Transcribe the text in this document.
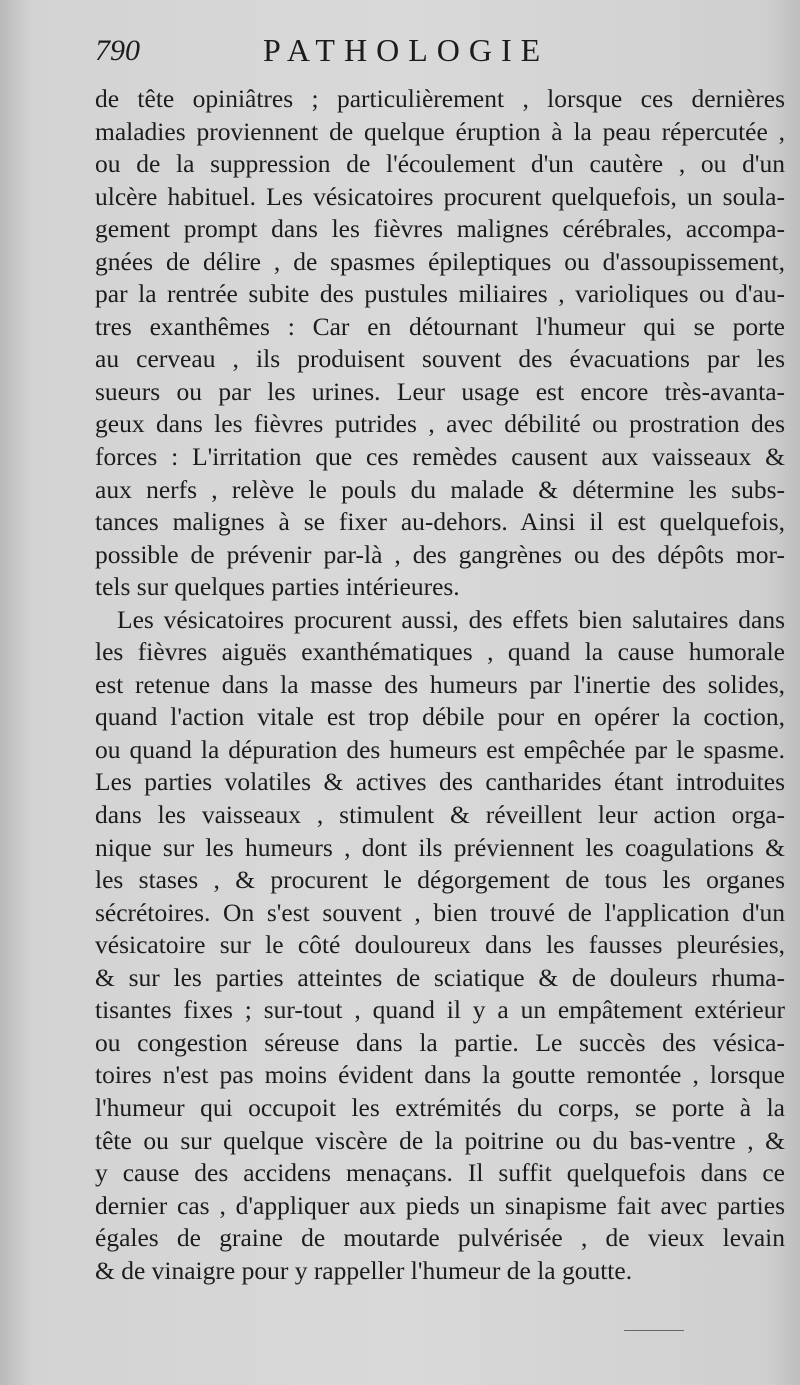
790	PATHOLOGIE
de tête opiniâtres ; particulièrement , lorsque ces dernières
maladies proviennent de quelque éruption à la peau répercutée ,
ou de la suppression de l'écoulement d'un cautère , ou d'un
ulcère habituel. Les vésicatoires procurent quelquefois, un soula-
gement prompt dans les fièvres malignes cérébrales, accompa-
gnées de délire , de spasmes épileptiques ou d'assoupissement,
par la rentrée subite des pustules miliaires , varioliques ou d'au-
tres exanthêmes : Car en détournant l'humeur qui se porte
au cerveau , ils produisent souvent des évacuations par les
sueurs ou par les urines. Leur usage est encore très-avanta-
geux dans les fièvres putrides , avec débilité ou prostration des
forces : L'irritation que ces remèdes causent aux vaisseaux &
aux nerfs , relève le pouls du malade & détermine les subs-
tances malignes à se fixer au-dehors. Ainsi il est quelquefois,
possible de prévenir par-là , des gangrènes ou des dépôts mor-
tels sur quelques parties intérieures.
Les vésicatoires procurent aussi, des effets bien salutaires dans
les fièvres aiguës exanthématiques , quand la cause humorale
est retenue dans la masse des humeurs par l'inertie des solides,
quand l'action vitale est trop débile pour en opérer la coction,
ou quand la dépuration des humeurs est empêchée par le spasme.
Les parties volatiles & actives des cantharides étant introduites
dans les vaisseaux , stimulent & réveillent leur action orga-
nique sur les humeurs , dont ils préviennent les coagulations &
les stases , & procurent le dégorgement de tous les organes
sécrétoires. On s'est souvent , bien trouvé de l'application d'un
vésicatoire sur le côté douloureux dans les fausses pleurésies,
& sur les parties atteintes de sciatique & de douleurs rhuma-
tisantes fixes ; sur-tout , quand il y a un empâtement extérieur
ou congestion séreuse dans la partie. Le succès des vésica-
toires n'est pas moins évident dans la goutte remontée , lorsque
l'humeur qui occupoit les extrémités du corps, se porte à la
tête ou sur quelque viscère de la poitrine ou du bas-ventre , &
y cause des accidens menaçans. Il suffit quelquefois dans ce
dernier cas , d'appliquer aux pieds un sinapisme fait avec parties
égales de graine de moutarde pulvérisée , de vieux levain
& de vinaigre pour y rappeller l'humeur de la goutte.
